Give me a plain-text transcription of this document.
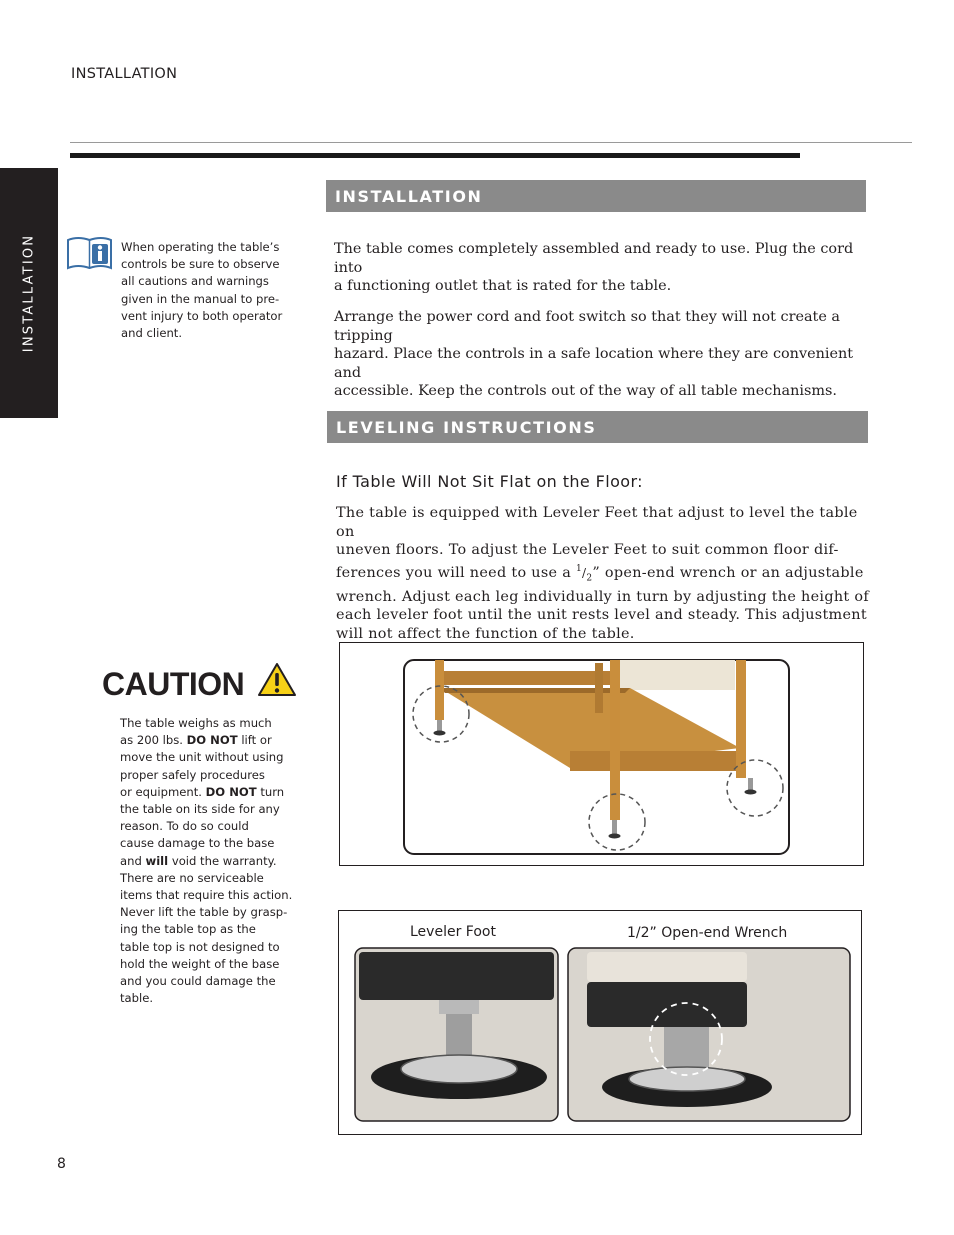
INSTALLATION
INSTALLATION	When operating the table’s
controls be sure to observe
all cautions and warnings
given in the manual to pre-
vent injury to both operator
and client.
INSTALLATION
The table comes completely assembled and ready to use. Plug the cord into
a functioning outlet that is rated for the table.
Arrange the power cord and foot switch so that they will not create a tripping
hazard. Place the controls in a safe location where they are convenient and
accessible. Keep the controls out of the way of all table mechanisms.
LEVELING INSTRUCTIONS
If Table Will Not Sit Flat on the Floor:
The table is equipped with Leveler Feet that adjust to level the table on
uneven floors. To adjust the Leveler Feet to suit common floor dif-
ferences you will need to use a $^1/_2$” open-end wrench or an adjustable
wrench. Adjust each leg individually in turn by adjusting the height of
each leveler foot until the unit rests level and steady. This adjustment
will not affect the function of the table.
CAUTION
The table weighs as much
as 200 lbs. DO NOT lift or
move the unit without using
proper safely procedures
or equipment. DO NOT turn
the table on its side for any
reason. To do so could
cause damage to the base
and will void the warranty.
There are no serviceable
items that require this action.
Never lift the table by grasp-
ing the table top as the
table top is not designed to
hold the weight of the base
and you could damage the
table.
Leveler Foot	1/2” Open-end Wrench
8
